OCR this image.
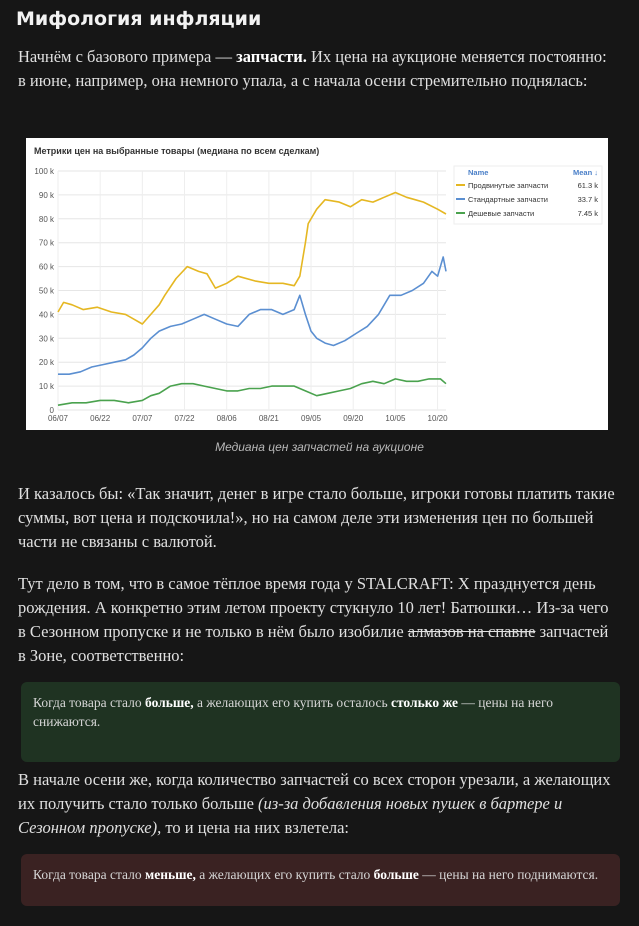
Мифология инфляции

Начнём с базового примера — запчасти. Их цена на аукционе меняется постоянно: в июне, например, она немного упала, а с начала осени стремительно поднялась:

Метрики цен на выбранные товары (медиана по всем сделкам)
0
10 k
20 k
30 k
40 k
50 k
60 k
70 k
80 k
90 k
100 k
06/07	06/22	07/07	07/22	08/06	08/21	09/05	09/20	10/05	10/20
Name	Mean ↓
Продвинутые запчасти	61.3 k
Стандартные запчасти	33.7 k
Дешевые запчасти	7.45 k
Медиана цен запчастей на аукционе

И казалось бы: «Так значит, денег в игре стало больше, игроки готовы платить такие суммы, вот цена и подскочила!», но на самом деле эти изменения цен по большей части не связаны с валютой.

Тут дело в том, что в самое тёплое время года у STALCRAFT: X празднуется день рождения. А конкретно этим летом проекту стукнуло 10 лет! Батюшки… Из-за чего в Сезонном пропуске и не только в нём было изобилие алмазов на спавне запчастей в Зоне, соответственно:

Когда товара стало больше, а желающих его купить осталось столько же — цены на него снижаются.

В начале осени же, когда количество запчастей со всех сторон урезали, а желающих их получить стало только больше (из-за добавления новых пушек в бартере и Сезонном пропуске), то и цена на них взлетела:

Когда товара стало меньше, а желающих его купить стало больше — цены на него поднимаются.
